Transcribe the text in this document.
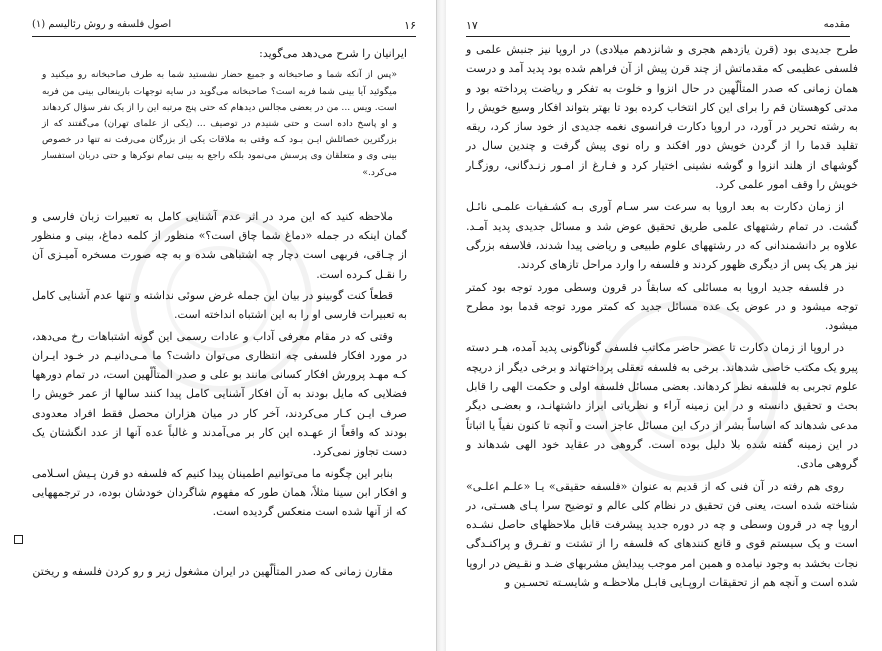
۱۶
اصول فلسفه و روش رئالیسم (۱)

ایرانیان را شرح می‌دهد می‌گوید:

«پس از آنکه شما و صاحبخانه و جمیع حضار نشستید شما به طرف صاحبخانه رو میکنید و میگوئید آیا بینی شما فربه است؟ صاحبخانه می‌گوید در سایه توجهات بارینعالی بینی من فربه است. ویس ... من در بعضی مجالس دیدهام که حتی پنج مرتبه این را از یک نفر سؤال کردهاند و او پاسخ داده است و حتی شنیدم در توصیف ... (یکی از علمای تهران) می‌گفتند که از بزرگترین خصائلش ایـن بـود کـه وقتی به ملاقات یکی از بزرگان می‌رفت نه تنها در خصوص بینی وی و متعلقان وی پرسش می‌نمود بلکه راجع به بینی تمام نوکرها و حتی دربان استفسار می‌کرد.»

ملاحظه کنید که این مرد در اثر عدم آشنایی کامل به تعبیرات زبان فارسی و گمان اینکه در جمله «دماغ شما چاق است؟» منظور از کلمه دماغ، بینی و منظور از چـاقی، فربهی است دچار چه اشتباهی شده و به چه صورت مسخره آمیـزی آن را نقـل کـرده است.

قطعاً کنت گوبینو در بیان این جمله غرض سوئی نداشته و تنها عدم آشنایی کامل به تعبیرات فارسی او را به این اشتباه انداخته است.

وقتی که در مقام معرفی آداب و عادات رسمی این گونه اشتباهات رخ می‌دهد، در مورد افکار فلسفی چه انتظاری می‌توان داشت؟ ما مـی‌دانیـم در خـود ایـران کـه مهـد پرورش افکار کسانی مانند بو علی و صدر المتألّهین است، در تمام دورهها فضلایی که مایل بودند به آن افکار آشنایی کامل پیدا کنند سالها از عمر خویش را صرف ایـن کـار می‌کردند، آخر کار در میان هزاران محصل فقط افراد معدودی بودند که واقعاً از عهـده این کار بر می‌آمدند و غالباً عده آنها از عدد انگشتان یک دست تجاوز نمی‌کرد.

بنابر این چگونه ما می‌توانیم اطمینان پیدا کنیم که فلسفه دو قرن پـیش اسـلامی و افکار ابن سینا مثلاً، همان طور که مفهوم شاگردان خودشان بوده، در ترجمههایی که از آنها شده است منعکس گردیده است.

مقارن زمانی که صدر المتألّهین در ایران مشغول زیر و رو کردن فلسفه و ریختن

۱۷	مقدمه

طرح جدیدی بود (قرن یازدهم هجری و شانزدهم میلادی) در اروپا نیز جنبش علمی و فلسفی عظیمی که مقدماتش از چند قرن پیش از آن فراهم شده بود پدید آمد و درست همان زمانی که صدر المتألّهین در حال انزوا و خلوت به تفکر و ریاضت پرداخته بود و مدتی کوهستان قم را برای این کار انتخاب کرده بود تا بهتر بتواند افکار وسیع خویش را به رشته تحریر در آورد، در اروپا دکارت فرانسوی نغمه جدیدی از خود ساز کرد، ریقه تقلید قدما را از گردن خویش دور افکند و راه نوی پیش گرفت و چندین سال در گوشهای از هلند انزوا و گوشه نشینی اختیار کرد و فـارغ از امـور زنـدگانی، روزگـار خویش را وقف امور علمی کرد.

از زمان دکارت به بعد اروپا به سرعت سر سـام آوری بـه کشـفیات علمـی نائـل گشت. در تمام رشتههای علمی طریق تحقیق عوض شد و مسائل جدیدی پدید آمـد. علاوه بر دانشمندانی که در رشتههای علوم طبیعی و ریاضی پیدا شدند، فلاسفه بزرگی نیز هر یک پس از دیگری ظهور کردند و فلسفه را وارد مراحل تازهای کردند.

در فلسفه جدید اروپا به مسائلی که سابقاً در قرون وسطی مورد توجه بود کمتر توجه میشود و در عوض یک عده مسائل جدید که کمتر مورد توجه قدما بود مطرح میشود.

در اروپا از زمان دکارت تا عصر حاضر مکاتب فلسفی گوناگونی پدید آمده، هـر دسته پیرو یک مکتب خاصی شدهاند. برخی به فلسفه تعقلی پرداختهاند و برخی دیگر از دریچه علوم تجربی به فلسفه نظر کردهاند. بعضی مسائل فلسفه اولی و حکمت الهی را قابل بحث و تحقیق دانسته و در این زمینه آراء و نظریاتی ابراز داشتهانـد، و بعضـی دیگر مدعی شدهاند که اساساً بشر از درک این مسائل عاجز است و آنچه تا کنون نفیاً یا اثباتاً در این زمینه گفته شده بلا دلیل بوده است. گروهی در عقاید خود الهی شدهاند و گروهی مادی.

روی هم رفته در آن فنی که از قدیم به عنوان «فلسفه حقیقی» یـا «علـم اعلـی» شناخته شده است، یعنی فن تحقیق در نظام کلی عالم و توضیح سرا پـای هسـتی، در اروپا چه در قرون وسطی و چه در دوره جدید پیشرفت قابل ملاحظهای حاصل نشـده است و یک سیستم قوی و قانع کنندهای که فلسفه را از تشتت و تفـرق و پراکنـدگی نجات بخشد به وجود نیامده و همین امر موجب پیدایش مشربهای ضـد و نقـیض در اروپا شده است و آنچه هم از تحقیقات اروپـایی قابـل ملاحظـه و شایسـته تحسـین و
